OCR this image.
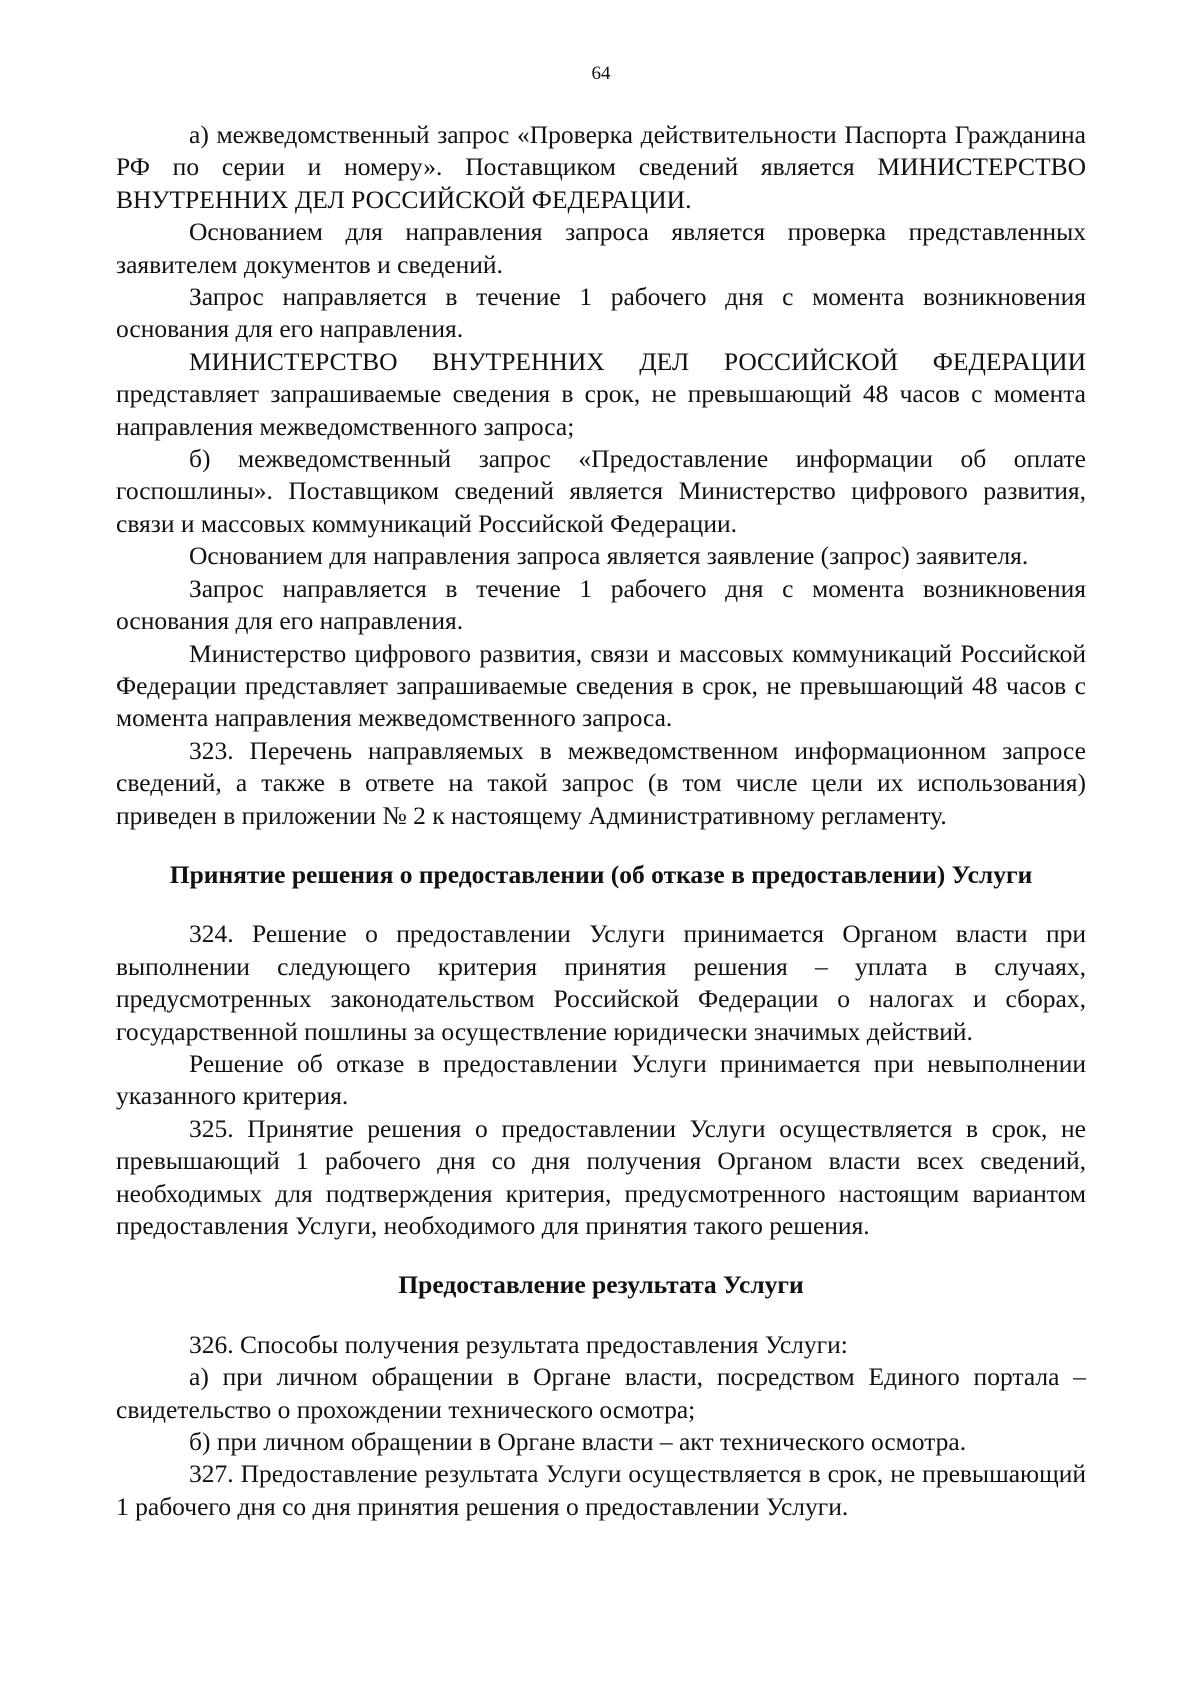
64

а) межведомственный запрос «Проверка действительности Паспорта Гражданина РФ по серии и номеру». Поставщиком сведений является МИНИСТЕРСТВО ВНУТРЕННИХ ДЕЛ РОССИЙСКОЙ ФЕДЕРАЦИИ.

Основанием для направления запроса является проверка представленных заявителем документов и сведений.

Запрос направляется в течение 1 рабочего дня с момента возникновения основания для его направления.

МИНИСТЕРСТВО ВНУТРЕННИХ ДЕЛ РОССИЙСКОЙ ФЕДЕРАЦИИ представляет запрашиваемые сведения в срок, не превышающий 48 часов с момента направления межведомственного запроса;

б) межведомственный запрос «Предоставление информации об оплате госпошлины». Поставщиком сведений является Министерство цифрового развития, связи и массовых коммуникаций Российской Федерации.

Основанием для направления запроса является заявление (запрос) заявителя.

Запрос направляется в течение 1 рабочего дня с момента возникновения основания для его направления.

Министерство цифрового развития, связи и массовых коммуникаций Российской Федерации представляет запрашиваемые сведения в срок, не превышающий 48 часов с момента направления межведомственного запроса.

323. Перечень направляемых в межведомственном информационном запросе сведений, а также в ответе на такой запрос (в том числе цели их использования) приведен в приложении № 2 к настоящему Административному регламенту.

Принятие решения о предоставлении (об отказе в предоставлении) Услуги

324. Решение о предоставлении Услуги принимается Органом власти при выполнении следующего критерия принятия решения – уплата в случаях, предусмотренных законодательством Российской Федерации о налогах и сборах, государственной пошлины за осуществление юридически значимых действий.

Решение об отказе в предоставлении Услуги принимается при невыполнении указанного критерия.

325. Принятие решения о предоставлении Услуги осуществляется в срок, не превышающий 1 рабочего дня со дня получения Органом власти всех сведений, необходимых для подтверждения критерия, предусмотренного настоящим вариантом предоставления Услуги, необходимого для принятия такого решения.

Предоставление результата Услуги

326. Способы получения результата предоставления Услуги:

а) при личном обращении в Органе власти, посредством Единого портала – свидетельство о прохождении технического осмотра;

б) при личном обращении в Органе власти – акт технического осмотра.

327. Предоставление результата Услуги осуществляется в срок, не превышающий 1 рабочего дня со дня принятия решения о предоставлении Услуги.
